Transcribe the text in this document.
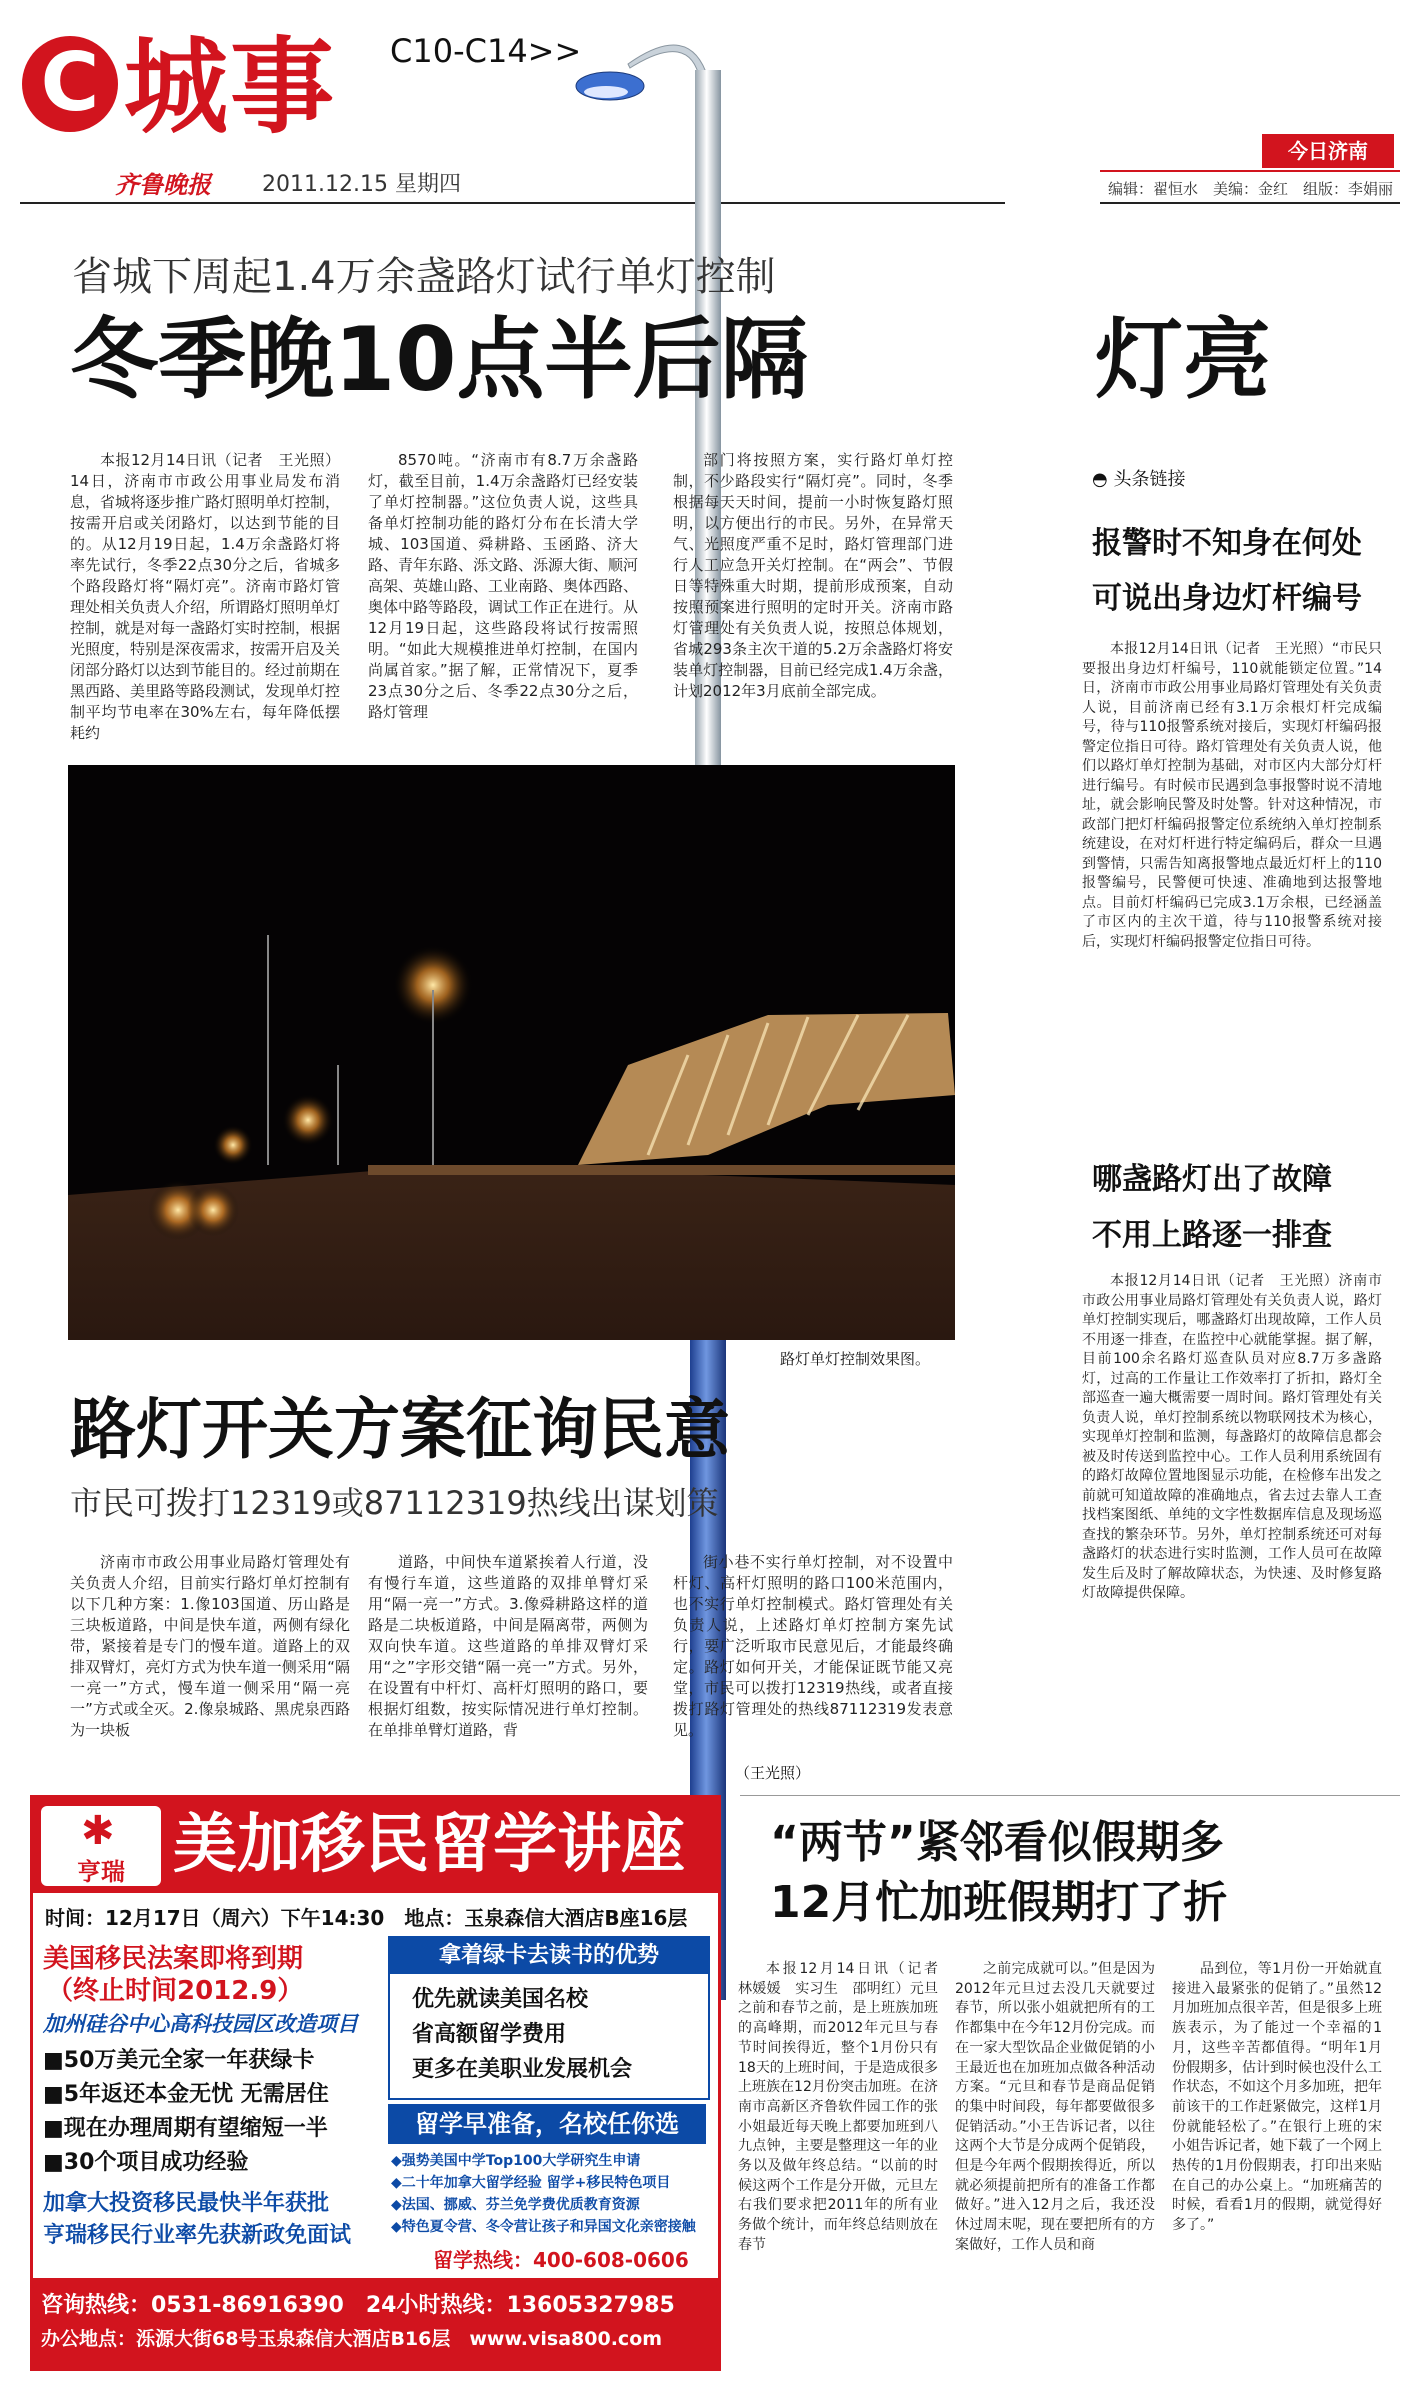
C 城事 C10-C14>>
齐鲁晚报 2011.12.15 星期四
今日济南
编辑：翟恒水　美编：金红　组版：李娟丽
省城下周起1.4万余盏路灯试行单灯控制
冬季晚10点半后隔	灯亮

本报12月14日讯（记者　王光照）14日，济南市市政公用事业局发布消息，省城将逐步推广路灯照明单灯控制，按需开启或关闭路灯，以达到节能的目的。从12月19日起，1.4万余盏路灯将率先试行，冬季22点30分之后，省城多个路段路灯将“隔灯亮”。济南市路灯管理处相关负责人介绍，所谓路灯照明单灯控制，就是对每一盏路灯实时控制，根据光照度，特别是深夜需求，按需开启及关闭部分路灯以达到节能目的。经过前期在黑西路、美里路等路段测试，发现单灯控制平均节电率在30%左右，每年降低摆耗约

8570吨。“济南市有8.7万余盏路灯，截至目前，1.4万余盏路灯已经安装了单灯控制器。”这位负责人说，这些具备单灯控制功能的路灯分布在长清大学城、103国道、舜耕路、玉函路、济大路、青年东路、泺文路、泺源大街、顺河高架、英雄山路、工业南路、奥体西路、奥体中路等路段，调试工作正在进行。从12月19日起，这些路段将试行按需照明。“如此大规模推进单灯控制，在国内尚属首家。”据了解，正常情况下，夏季23点30分之后、冬季22点30分之后，路灯管理

部门将按照方案，实行路灯单灯控制，不少路段实行“隔灯亮”。同时，冬季根据每天天时间，提前一小时恢复路灯照明，以方便出行的市民。另外，在异常天气、光照度严重不足时，路灯管理部门进行人工应急开关灯控制。在“两会”、节假日等特殊重大时期，提前形成预案，自动按照预案进行照明的定时开关。济南市路灯管理处有关负责人说，按照总体规划，省城293条主次干道的5.2万余盏路灯将安装单灯控制器，目前已经完成1.4万余盏，计划2012年3月底前全部完成。

路灯单灯控制效果图。
◓ 头条链接
报警时不知身在何处
可说出身边灯杆编号

本报12月14日讯（记者　王光照）“市民只要报出身边灯杆编号，110就能锁定位置。”14日，济南市市政公用事业局路灯管理处有关负责人说，目前济南已经有3.1万余根灯杆完成编号，待与110报警系统对接后，实现灯杆编码报警定位指日可待。路灯管理处有关负责人说，他们以路灯单灯控制为基础，对市区内大部分灯杆进行编号。有时候市民遇到急事报警时说不清地址，就会影响民警及时处警。针对这种情况，市政部门把灯杆编码报警定位系统纳入单灯控制系统建设，在对灯杆进行特定编码后，群众一旦遇到警情，只需告知离报警地点最近灯杆上的110报警编号，民警便可快速、准确地到达报警地点。目前灯杆编码已完成3.1万余根，已经涵盖了市区内的主次干道，待与110报警系统对接后，实现灯杆编码报警定位指日可待。

哪盏路灯出了故障
不用上路逐一排查

本报12月14日讯（记者　王光照）济南市市政公用事业局路灯管理处有关负责人说，路灯单灯控制实现后，哪盏路灯出现故障，工作人员不用逐一排查，在监控中心就能掌握。据了解，目前100余名路灯巡查队员对应8.7万多盏路灯，过高的工作量让工作效率打了折扣，路灯全部巡查一遍大概需要一周时间。路灯管理处有关负责人说，单灯控制系统以物联网技术为核心，实现单灯控制和监测，每盏路灯的故障信息都会被及时传送到监控中心。工作人员利用系统固有的路灯故障位置地图显示功能，在检修车出发之前就可知道故障的准确地点，省去过去靠人工查找档案图纸、单纯的文字性数据库信息及现场巡查找的繁杂环节。另外，单灯控制系统还可对每盏路灯的状态进行实时监测，工作人员可在故障发生后及时了解故障状态，为快速、及时修复路灯故障提供保障。

路灯开关方案征询民意
市民可拨打12319或87112319热线出谋划策

济南市市政公用事业局路灯管理处有关负责人介绍，目前实行路灯单灯控制有以下几种方案：1.像103国道、历山路是三块板道路，中间是快车道，两侧有绿化带，紧接着是专门的慢车道。道路上的双排双臂灯，亮灯方式为快车道一侧采用“隔一亮一”方式，慢车道一侧采用“隔一亮一”方式或全灭。2.像泉城路、黑虎泉西路为一块板

道路，中间快车道紧挨着人行道，没有慢行车道，这些道路的双排单臂灯采用“隔一亮一”方式。3.像舜耕路这样的道路是二块板道路，中间是隔离带，两侧为双向快车道。这些道路的单排双臂灯采用“之”字形交错“隔一亮一”方式。另外，在设置有中杆灯、高杆灯照明的路口，要根据灯组数，按实际情况进行单灯控制。在单排单臂灯道路，背

街小巷不实行单灯控制，对不设置中杆灯、高杆灯照明的路口100米范围内，也不实行单灯控制模式。路灯管理处有关负责人说，上述路灯单灯控制方案先试行，要广泛听取市民意见后，才能最终确定。路灯如何开关，才能保证既节能又亮堂，市民可以拨打12319热线，或者直接拨打路灯管理处的热线87112319发表意见。

（王光照）
✱
亨瑞 美加移民留学讲座
时间：12月17日（周六）下午14:30　地点：玉泉森信大酒店B座16层
美国移民法案即将到期
（终止时间2012.9）
加州硅谷中心高科技园区改造项目
■50万美元全家一年获绿卡
■5年返还本金无忧 无需居住
■现在办理周期有望缩短一半
■30个项目成功经验
加拿大投资移民最快半年获批
亨瑞移民行业率先获新政免面试
拿着绿卡去读书的优势
优先就读美国名校
省高额留学费用
更多在美职业发展机会
留学早准备，名校任你选
◆强势美国中学Top100大学研究生申请
◆二十年加拿大留学经验 留学+移民特色项目
◆法国、挪威、芬兰免学费优质教育资源
◆特色夏令营、冬令营让孩子和异国文化亲密接触
留学热线：400-608-0606
咨询热线：0531-86916390　24小时热线：13605327985
办公地点：泺源大街68号玉泉森信大酒店B16层　www.visa800.com
“两节”紧邻看似假期多
12月忙加班假期打了折

本报12月14日讯（记者　林媛媛　实习生　邵明红）元旦之前和春节之前，是上班族加班的高峰期，而2012年元旦与春节时间挨得近，整个1月份只有18天的上班时间，于是造成很多上班族在12月份突击加班。在济南市高新区齐鲁软件园工作的张小姐最近每天晚上都要加班到八九点钟，主要是整理这一年的业务以及做年终总结。“以前的时候这两个工作是分开做，元旦左右我们要求把2011年的所有业务做个统计，而年终总结则放在春节

之前完成就可以。”但是因为2012年元旦过去没几天就要过春节，所以张小姐就把所有的工作都集中在今年12月份完成。而在一家大型饮品企业做促销的小王最近也在加班加点做各种活动方案。“元旦和春节是商品促销的集中时间段，每年都要做很多促销活动。”小王告诉记者，以往这两个大节是分成两个促销段，但是今年两个假期挨得近，所以就必须提前把所有的准备工作都做好。”进入12月之后，我还没休过周末呢，现在要把所有的方案做好，工作人员和商

品到位，等1月份一开始就直接进入最紧张的促销了。”虽然12月加班加点很辛苦，但是很多上班族表示，为了能过一个幸福的1月，这些辛苦都值得。“明年1月份假期多，估计到时候也没什么工作状态，不如这个月多加班，把年前该干的工作赶紧做完，这样1月份就能轻松了。”在银行上班的宋小姐告诉记者，她下载了一个网上热传的1月份假期表，打印出来贴在自己的办公桌上。“加班痛苦的时候，看看1月的假期，就觉得好多了。”
